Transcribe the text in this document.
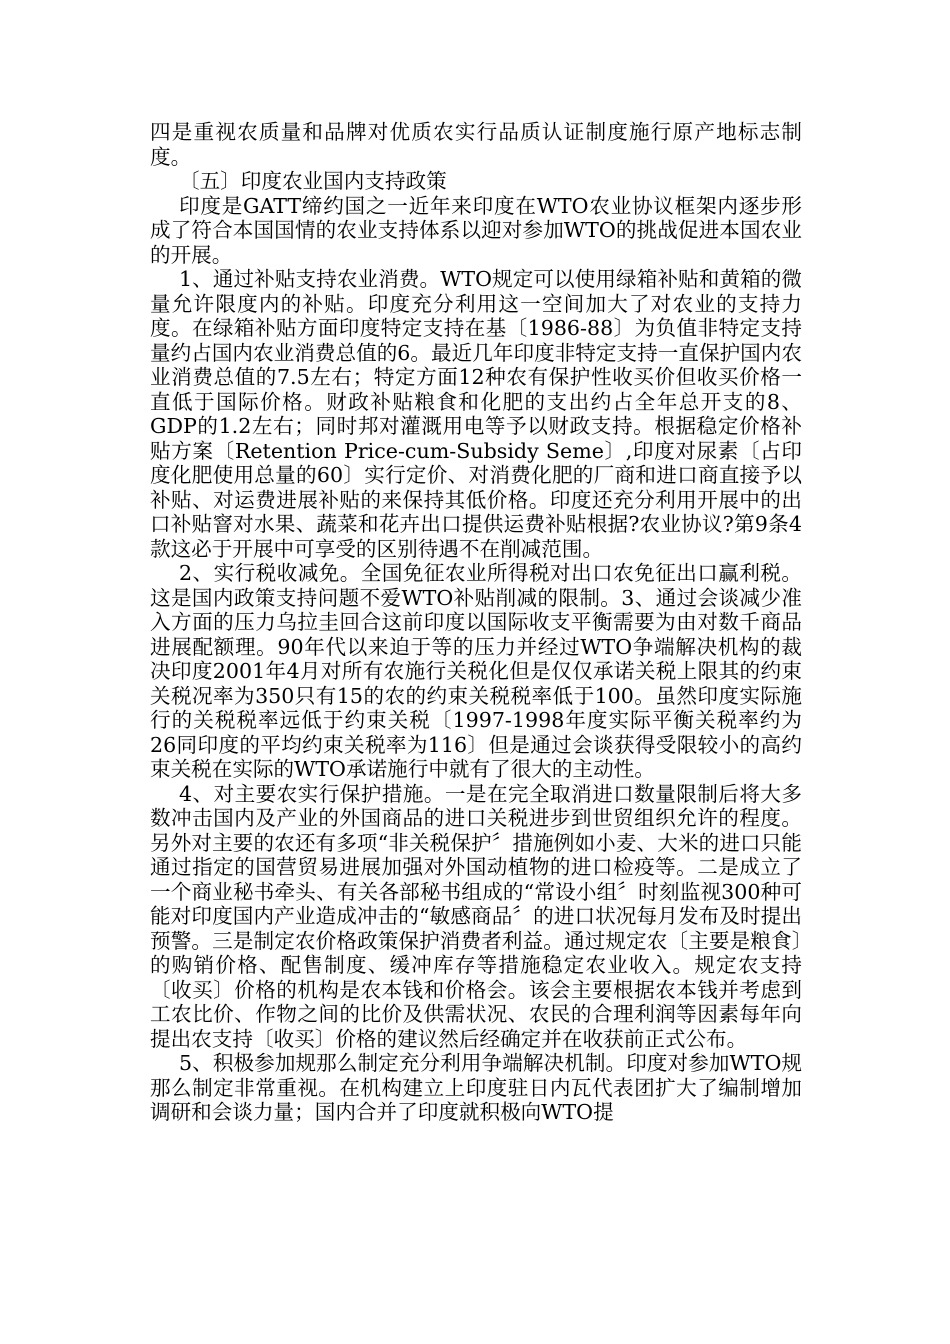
四是重视农质量和品牌对优质农实行品质认证制度施行原产地标志制度。

〔五〕印度农业国内支持政策

印度是GATT缔约国之一近年来印度在WTO农业协议框架内逐步形成了符合本国国情的农业支持体系以迎对参加WTO的挑战促进本国农业的开展。

1、通过补贴支持农业消费。WTO规定可以使用绿箱补贴和黄箱的微量允许限度内的补贴。印度充分利用这一空间加大了对农业的支持力度。在绿箱补贴方面印度特定支持在基〔1986-88〕为负值非特定支持量约占国内农业消费总值的6。最近几年印度非特定支持一直保护国内农业消费总值的7.5左右；特定方面12种农有保护性收买价但收买价格一直低于国际价格。财政补贴粮食和化肥的支出约占全年总开支的8、GDP的1.2左右；同时邦对灌溉用电等予以财政支持。根据稳定价格补贴方案〔Retention Price-cum-Subsidy Seme〕,印度对尿素〔占印度化肥使用总量的60〕实行定价、对消费化肥的厂商和进口商直接予以补贴、对运费进展补贴的来保持其低价格。印度还充分利用开展中的出口补贴窨对水果、蔬菜和花卉出口提供运费补贴根据?农业协议?第9条4款这必于开展中可享受的区别待遇不在削减范围。

2、实行税收减免。全国免征农业所得税对出口农免征出口赢利税。这是国内政策支持问题不爱WTO补贴削减的限制。3、通过会谈减少准入方面的压力乌拉圭回合这前印度以国际收支平衡需要为由对数千商品进展配额理。90年代以来迫于等的压力并经过WTO争端解决机构的裁决印度2001年4月对所有农施行关税化但是仅仅承诺关税上限其的约束关税况率为350只有15的农的约束关税税率低于100。虽然印度实际施行的关税税率远低于约束关税〔1997-1998年度实际平衡关税率约为26同印度的平均约束关税率为116〕但是通过会谈获得受限较小的高约束关税在实际的WTO承诺施行中就有了很大的主动性。

4、对主要农实行保护措施。一是在完全取消进口数量限制后将大多数冲击国内及产业的外国商品的进口关税进步到世贸组织允许的程度。另外对主要的农还有多项“非关税保护〞措施例如小麦、大米的进口只能通过指定的国营贸易进展加强对外国动植物的进口检疫等。二是成立了一个商业秘书牵头、有关各部秘书组成的“常设小组〞时刻监视300种可能对印度国内产业造成冲击的“敏感商品〞的进口状况每月发布及时提出预警。三是制定农价格政策保护消费者利益。通过规定农〔主要是粮食〕的购销价格、配售制度、缓冲库存等措施稳定农业收入。规定农支持〔收买〕价格的机构是农本钱和价格会。该会主要根据农本钱并考虑到工农比价、作物之间的比价及供需状况、农民的合理利润等因素每年向提出农支持〔收买〕价格的建议然后经确定并在收获前正式公布。

5、积极参加规那么制定充分利用争端解决机制。印度对参加WTO规那么制定非常重视。在机构建立上印度驻日内瓦代表团扩大了编制增加调研和会谈力量；国内合并了印度就积极向WTO提
